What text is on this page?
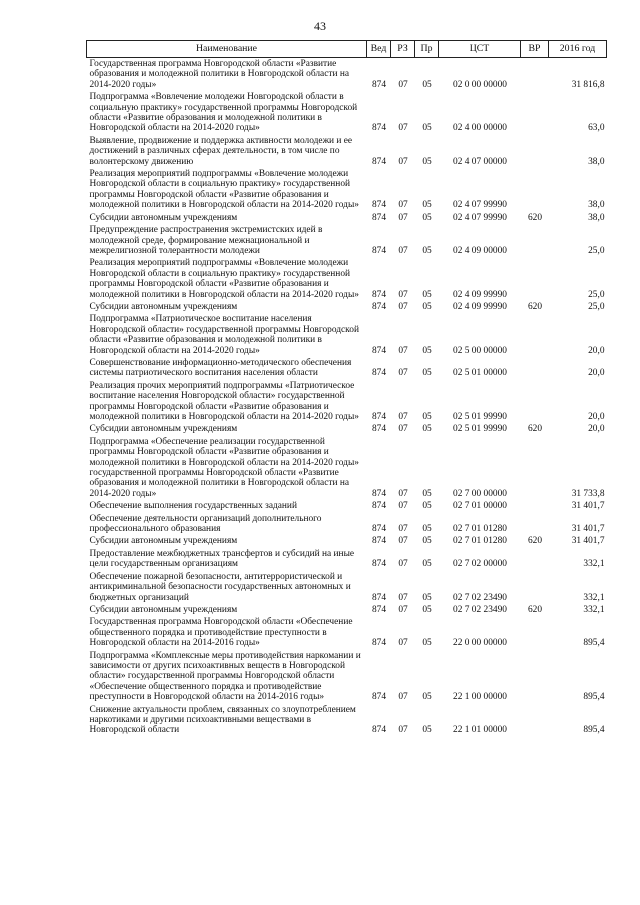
43
Наименование	Вед	РЗ	Пр	ЦСТ	ВР	2016 год
Государственная программа Новгородской области «Развитие образования и молодежной политики в Новгородской области на 2014-2020 годы»	874	07	05	02 0 00 00000		31 816,8
Подпрограмма «Вовлечение молодежи Новгородской области в социальную практику» государственной программы Новгородской области «Развитие образования и молодежной политики в Новгородской области на 2014-2020 годы»	874	07	05	02 4 00 00000		63,0
Выявление, продвижение и поддержка активности молодежи и ее достижений в различных сферах деятельности, в том числе по волонтерскому движению	874	07	05	02 4 07 00000		38,0
Реализация мероприятий подпрограммы «Вовлечение молодежи Новгородской области в социальную практику» государственной программы Новгородской области «Развитие образования и молодежной политики в Новгородской области на 2014-2020 годы»	874	07	05	02 4 07 99990		38,0
Субсидии автономным учреждениям	874	07	05	02 4 07 99990	620	38,0
Предупреждение распространения экстремистских идей в молодежной среде, формирование межнациональной и межрелигиозной толерантности молодежи	874	07	05	02 4 09 00000		25,0
Реализация мероприятий подпрограммы «Вовлечение молодежи Новгородской области в социальную практику» государственной программы Новгородской области «Развитие образования и молодежной политики в Новгородской области на 2014-2020 годы»	874	07	05	02 4 09 99990		25,0
Субсидии автономным учреждениям	874	07	05	02 4 09 99990	620	25,0
Подпрограмма «Патриотическое воспитание населения Новгородской области» государственной программы Новгородской области «Развитие образования и молодежной политики в Новгородской области на 2014-2020 годы»	874	07	05	02 5 00 00000		20,0
Совершенствование информационно-методического обеспечения системы патриотического воспитания населения области	874	07	05	02 5 01 00000		20,0
Реализация прочих мероприятий подпрограммы «Патриотическое воспитание населения Новгородской области» государственной программы Новгородской области «Развитие образования и молодежной политики в Новгородской области на 2014-2020 годы»	874	07	05	02 5 01 99990		20,0
Субсидии автономным учреждениям	874	07	05	02 5 01 99990	620	20,0
Подпрограмма «Обеспечение реализации государственной программы Новгородской области «Развитие образования и молодежной политики в Новгородской области на 2014-2020 годы» государственной программы Новгородской области «Развитие образования и молодежной политики в Новгородской области на 2014-2020 годы»	874	07	05	02 7 00 00000		31 733,8
Обеспечение выполнения государственных заданий	874	07	05	02 7 01 00000		31 401,7
Обеспечение деятельности организаций дополнительного профессионального образования	874	07	05	02 7 01 01280		31 401,7
Субсидии автономным учреждениям	874	07	05	02 7 01 01280	620	31 401,7
Предоставление межбюджетных трансфертов и субсидий на иные цели государственным организациям	874	07	05	02 7 02 00000		332,1
Обеспечение пожарной безопасности, антитеррористической и антикриминальной безопасности государственных автономных и бюджетных организаций	874	07	05	02 7 02 23490		332,1
Субсидии автономным учреждениям	874	07	05	02 7 02 23490	620	332,1
Государственная программа Новгородской области «Обеспечение общественного порядка и противодействие преступности в Новгородской области на 2014-2016 годы»	874	07	05	22 0 00 00000		895,4
Подпрограмма «Комплексные меры противодействия наркомании и зависимости от других психоактивных веществ в Новгородской области» государственной программы Новгородской области «Обеспечение общественного порядка и противодействие преступности в Новгородской области на 2014-2016 годы»	874	07	05	22 1 00 00000		895,4
Снижение актуальности проблем, связанных со злоупотреблением наркотиками и другими психоактивными веществами в Новгородской области	874	07	05	22 1 01 00000		895,4
